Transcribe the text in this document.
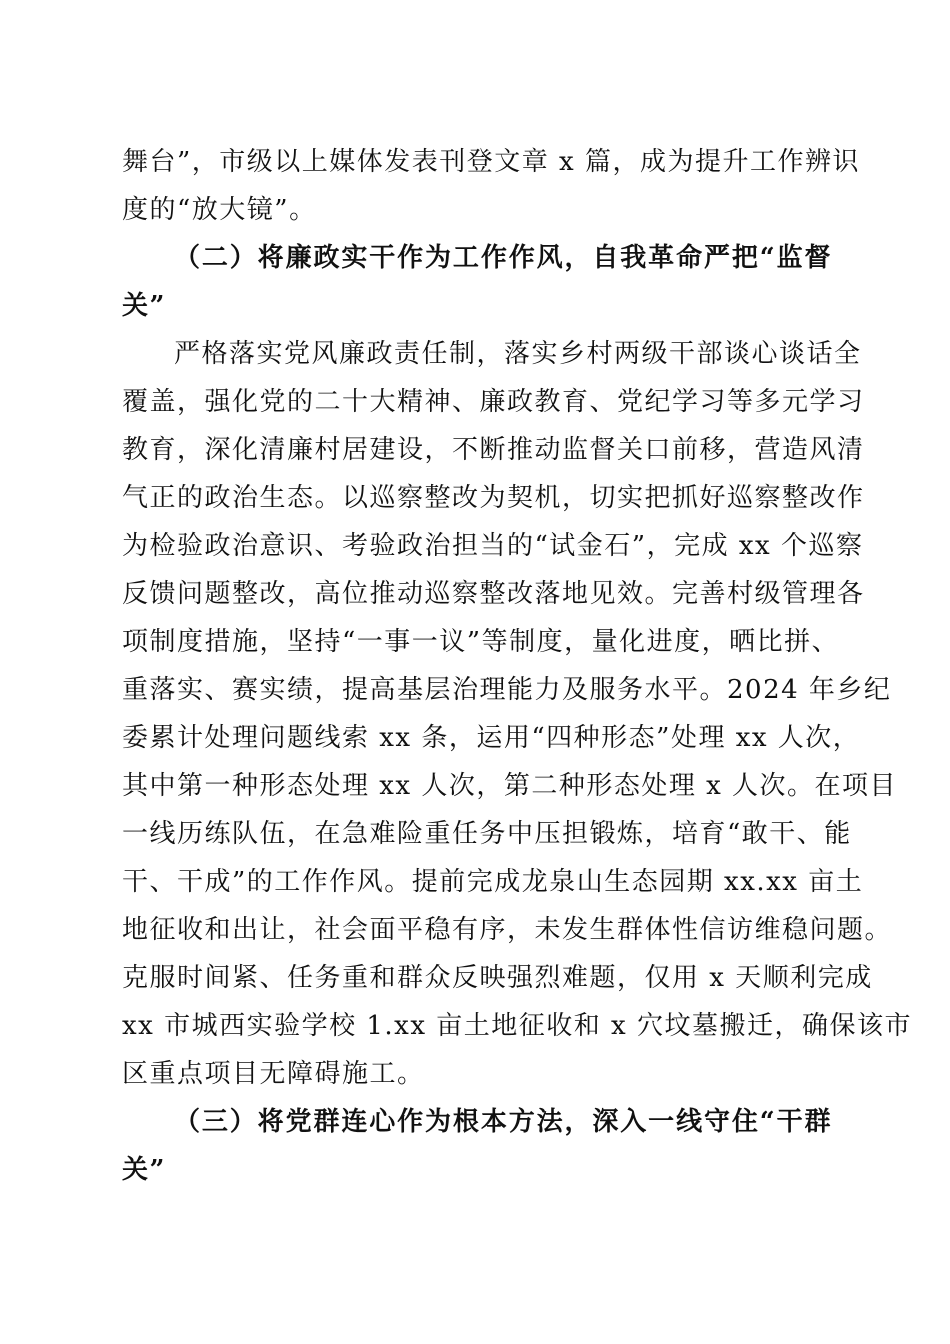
舞台”，市级以上媒体发表刊登文章 x 篇，成为提升工作辨识
度的“放大镜”。
（二）将廉政实干作为工作作风，自我革命严把“监督
关”
严格落实党风廉政责任制，落实乡村两级干部谈心谈话全
覆盖，强化党的二十大精神、廉政教育、党纪学习等多元学习
教育，深化清廉村居建设，不断推动监督关口前移，营造风清
气正的政治生态。以巡察整改为契机，切实把抓好巡察整改作
为检验政治意识、考验政治担当的“试金石”，完成 xx 个巡察
反馈问题整改，高位推动巡察整改落地见效。完善村级管理各
项制度措施，坚持“一事一议”等制度，量化进度，晒比拼、
重落实、赛实绩，提高基层治理能力及服务水平。2024 年乡纪
委累计处理问题线索 xx 条，运用“四种形态”处理 xx 人次，
其中第一种形态处理 xx 人次，第二种形态处理 x 人次。在项目
一线历练队伍，在急难险重任务中压担锻炼，培育“敢干、能
干、干成”的工作作风。提前完成龙泉山生态园期 xx.xx 亩土
地征收和出让，社会面平稳有序，未发生群体性信访维稳问题。
克服时间紧、任务重和群众反映强烈难题，仅用 x 天顺利完成
xx 市城西实验学校 1.xx 亩土地征收和 x 穴坟墓搬迁，确保该市
区重点项目无障碍施工。
（三）将党群连心作为根本方法，深入一线守住“干群
关”
